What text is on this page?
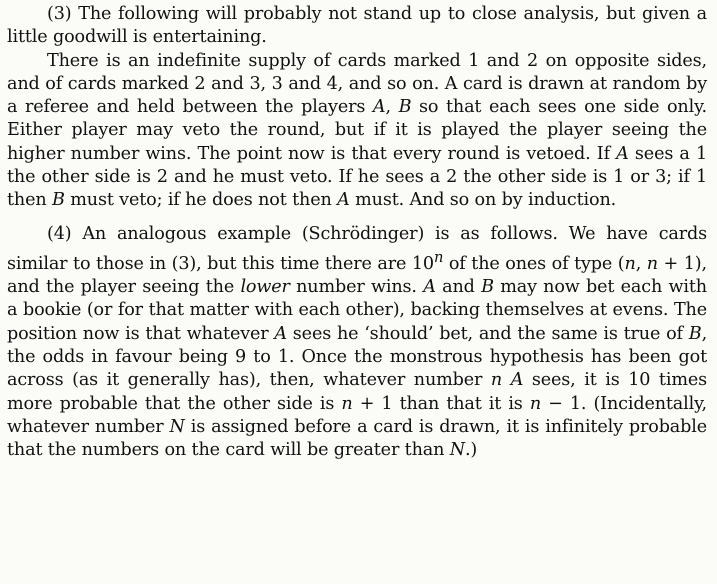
(3) The following will probably not stand up to close analysis, but given a little goodwill is entertaining.

There is an indefinite supply of cards marked 1 and 2 on opposite sides, and of cards marked 2 and 3, 3 and 4, and so on. A card is drawn at random by a referee and held between the players A, B so that each sees one side only. Either player may veto the round, but if it is played the player seeing the higher number wins. The point now is that every round is vetoed. If A sees a 1 the other side is 2 and he must veto. If he sees a 2 the other side is 1 or 3; if 1 then B must veto; if he does not then A must. And so on by induction.

(4) An analogous example (Schrödinger) is as follows. We have cards similar to those in (3), but this time there are 10$^n$ of the ones of type (n, n + 1), and the player seeing the lower number wins. A and B may now bet each with a bookie (or for that matter with each other), backing themselves at evens. The position now is that whatever A sees he ‘should’ bet, and the same is true of B, the odds in favour being 9 to 1. Once the monstrous hypothesis has been got across (as it generally has), then, whatever number n A sees, it is 10 times more probable that the other side is n + 1 than that it is n − 1. (Incidentally, whatever number N is assigned before a card is drawn, it is infinitely probable that the numbers on the card will be greater than N.)
